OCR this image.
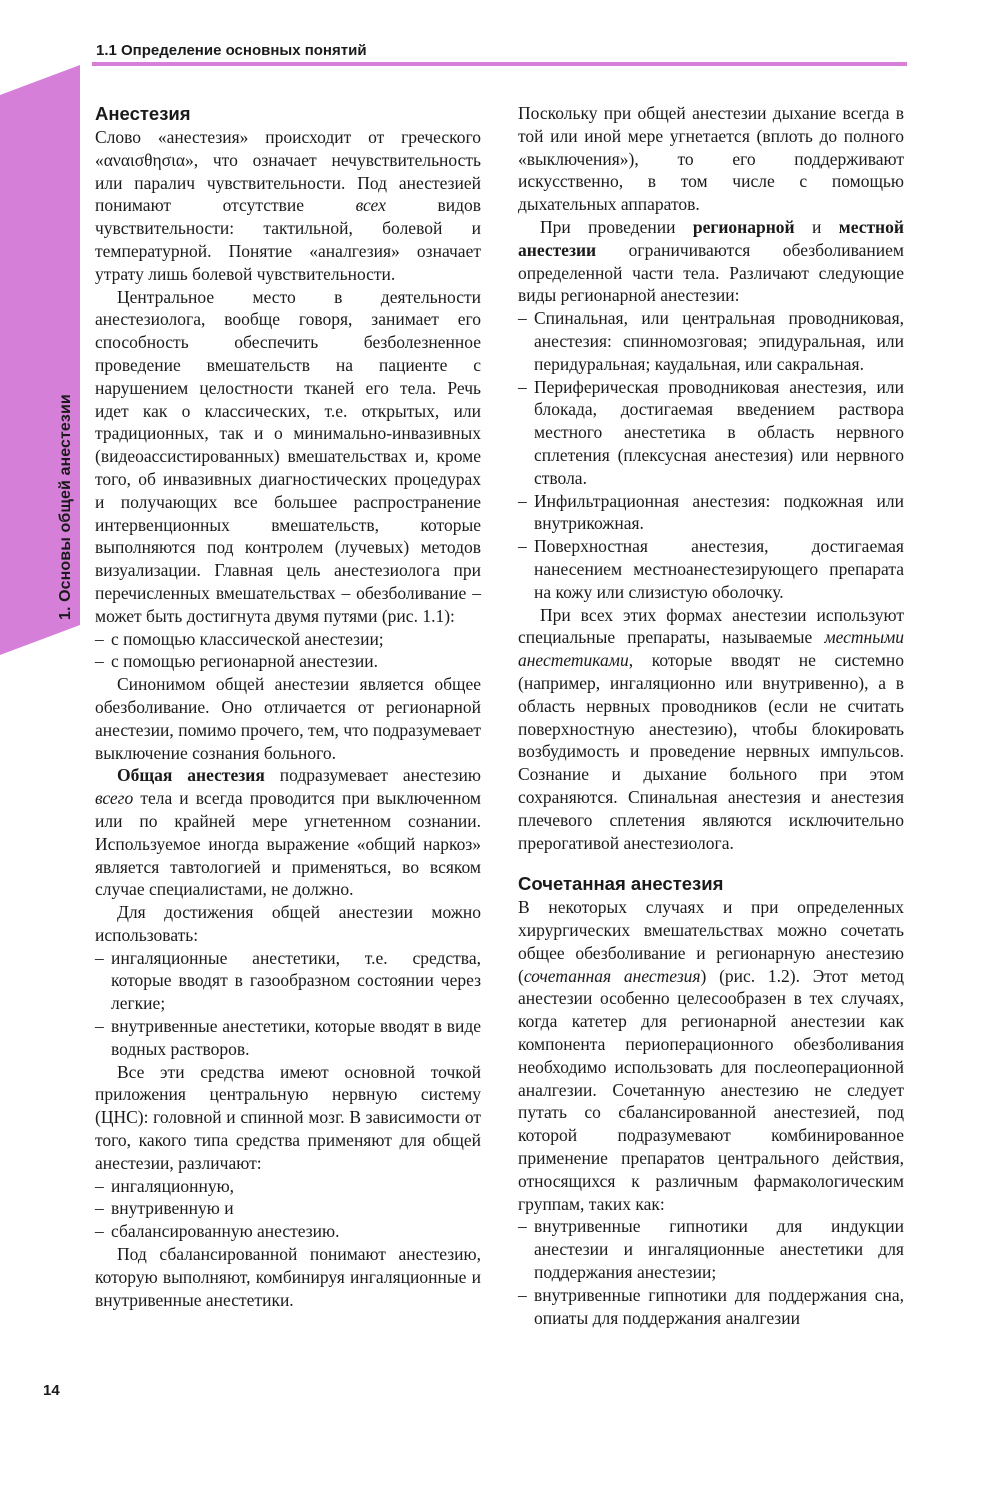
1. Основы общей анестезии
1.1 Определение основных понятий
Анестезия

Слово «анестезия» происходит от греческого «αναισθησια», что означает нечувствительность или паралич чувствительности. Под анестезией понимают отсутствие всех видов чувствительности: тактильной, болевой и температурной. Понятие «аналгезия» означает утрату лишь болевой чувствительности.

Центральное место в деятельности анестезиолога, вообще говоря, занимает его способность обеспечить безболезненное проведение вмешательств на пациенте с нарушением целостности тканей его тела. Речь идет как о классических, т.е. открытых, или традиционных, так и о минимально-инвазивных (видеоассистированных) вмешательствах и, кроме того, об инвазивных диагностических процедурах и получающих все большее распространение интервенционных вмешательств, которые выполняются под контролем (лучевых) методов визуализации. Главная цель анестезиолога при перечисленных вмешательствах – обезболивание – может быть достигнута двумя путями (рис. 1.1):

– с помощью классической анестезии;
– с помощью регионарной анестезии.

Синонимом общей анестезии является общее обезболивание. Оно отличается от регионарной анестезии, помимо прочего, тем, что подразумевает выключение сознания больного.

Общая анестезия подразумевает анестезию всего тела и всегда проводится при выключенном или по крайней мере угнетенном сознании. Используемое иногда выражение «общий наркоз» является тавтологией и применяться, во всяком случае специалистами, не должно.

Для достижения общей анестезии можно использовать:

– ингаляционные анестетики, т.е. средства, которые вводят в газообразном состоянии через легкие;
– внутривенные анестетики, которые вводят в виде водных растворов.

Все эти средства имеют основной точкой приложения центральную нервную систему (ЦНС): головной и спинной мозг. В зависимости от того, какого типа средства применяют для общей анестезии, различают:

– ингаляционную,
– внутривенную и
– сбалансированную анестезию.

Под сбалансированной понимают анестезию, которую выполняют, комбинируя ингаляционные и внутривенные анестетики.

Поскольку при общей анестезии дыхание всегда в той или иной мере угнетается (вплоть до полного «выключения»), то его поддерживают искусственно, в том числе с помощью дыхательных аппаратов.

При проведении регионарной и местной анестезии ограничиваются обезболиванием определенной части тела. Различают следующие виды регионарной анестезии:

– Спинальная, или центральная проводниковая, анестезия: спинномозговая; эпидуральная, или перидуральная; каудальная, или сакральная.
– Периферическая проводниковая анестезия, или блокада, достигаемая введением раствора местного анестетика в область нервного сплетения (плексусная анестезия) или нервного ствола.
– Инфильтрационная анестезия: подкожная или внутрикожная.
– Поверхностная анестезия, достигаемая нанесением местноанестезирующего препарата на кожу или слизистую оболочку.

При всех этих формах анестезии используют специальные препараты, называемые местными анестетиками, которые вводят не системно (например, ингаляционно или внутривенно), а в область нервных проводников (если не считать поверхностную анестезию), чтобы блокировать возбудимость и проведение нервных импульсов. Сознание и дыхание больного при этом сохраняются. Спинальная анестезия и анестезия плечевого сплетения являются исключительно прерогативой анестезиолога.

Сочетанная анестезия

В некоторых случаях и при определенных хирургических вмешательствах можно сочетать общее обезболивание и регионарную анестезию (сочетанная анестезия) (рис. 1.2). Этот метод анестезии особенно целесообразен в тех случаях, когда катетер для регионарной анестезии как компонента периоперационного обезболивания необходимо использовать для послеоперационной аналгезии. Сочетанную анестезию не следует путать со сбалансированной анестезией, под которой подразумевают комбинированное применение препаратов центрального действия, относящихся к различным фармакологическим группам, таких как:

– внутривенные гипнотики для индукции анестезии и ингаляционные анестетики для поддержания анестезии;
– внутривенные гипнотики для поддержания сна, опиаты для поддержания аналгезии
14
